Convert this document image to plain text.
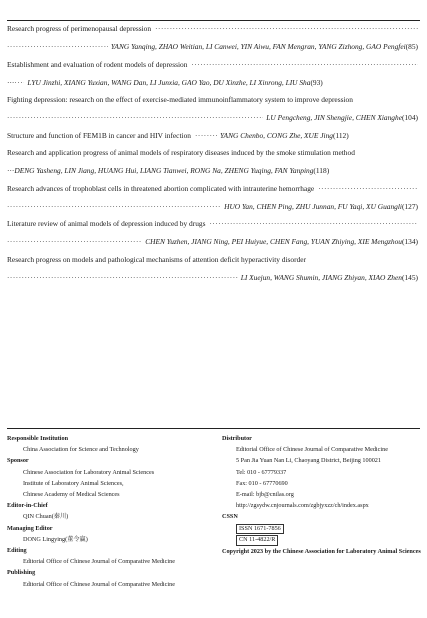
Research progress of perimenopausal depression
·····
·····
YANG Yanqing, ZHAO Weitian, LI Canwei, YIN Aiwu, FAN Mengran, YANG Zizhong, GAO Pengfei (85)
Establishment and evaluation of rodent models of depression
·····
··· ····· LYU Jinzhi, XIANG Yuxian, WANG Dan, LI Junxia, GAO Yao, DU Xinzhe, LI Xinrong, LIU Sha (93)
Fighting depression: research on the effect of exercise-mediated immunoinflammatory system to improve depression
·····
LU Pengcheng, JIN Shengjie, CHEN Xianghe (104)
Structure and function of FEM1B in cancer and HIV infection ·····	YANG Chenbo, CONG Zhe, XUE Jing (112)
Research and application progress of animal models of respiratory diseases induced by the smoke stimulation method
··· DENG Yasheng, LIN Jiang, HUANG Hui, LIANG Tianwei, RONG Na, ZHENG Yuqing, FAN Yanping (118)
Research advances of trophoblast cells in threatened abortion complicated with intrauterine hemorrhage
·····
·····
HUO Yan, CHEN Ping, ZHU Junnan, FU Yaqi, XU Guangli (127)
Literature review of animal models of depression induced by drugs
·····
·····
CHEN Yuzhen, JIANG Ning, PEI Huiyue, CHEN Fang, YUAN Zhiying, XIE Mengzhou (134)
Research progress on models and pathological mechanisms of attention deficit hyperactivity disorder
·····
LI Xuejun, WANG Shumin, JIANG Zhiyan, XIAO Zhen (145)
Responsible Institution
China Association for Science and Technology
Sponsor
Chinese Association for Laboratory Animal Sciences
Institute of Laboratory Animal Sciences,
Chinese Academy of Medical Sciences
Editor-in-Chief
QIN Chuan(秦川)
Managing Editor
DONG Lingying(董令赢)
Editing
Editorial Office of Chinese Journal of Comparative Medicine
Publishing
Editorial Office of Chinese Journal of Comparative Medicine
Distributor
Editorial Office of Chinese Journal of Comparative Medicine
5 Pan Jia Yuan Nan Li, Chaoyang District, Beijing 100021
Tel: 010 - 67779337
Fax: 010 - 67770690
E-mail: bjb@cnilas.org
http://zgsydw.cnjournals.com/zgbjyxzz/ch/index.aspx
CSSN
ISSN 1671-7856
CN 11-4822/R
Copyright 2023 by the Chinese Association for Laboratory Animal Sciences
